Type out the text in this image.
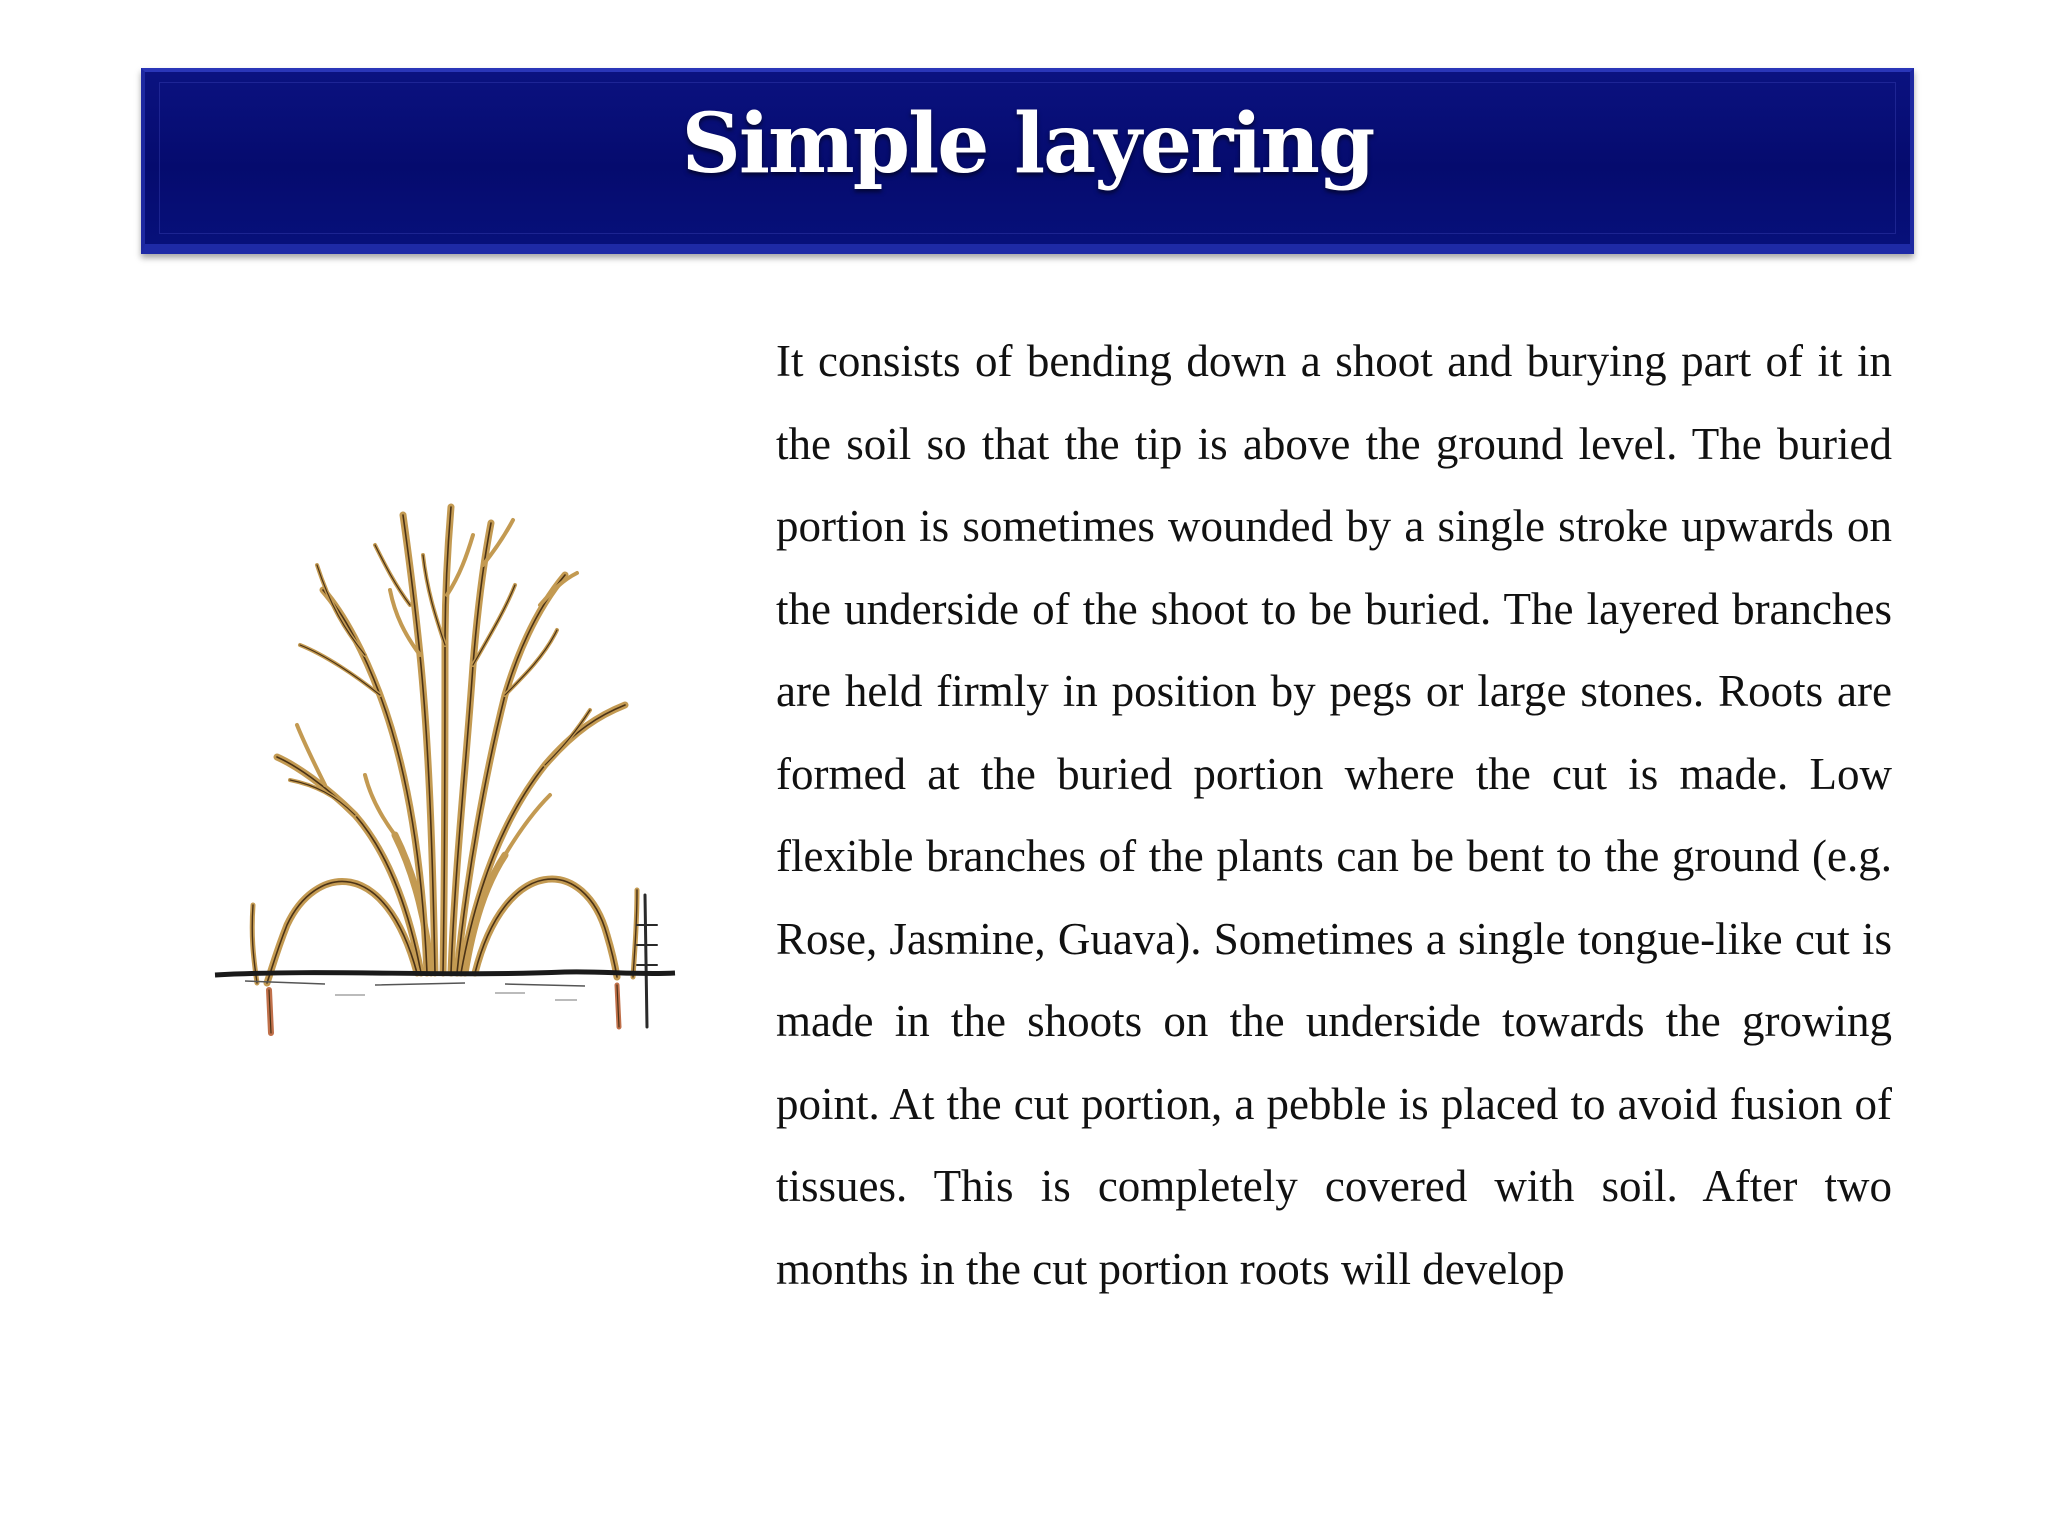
Simple layering

It consists of bending down a shoot and burying part of it in the soil so that the tip is above the ground level. The buried portion is sometimes wounded by a single stroke upwards on the underside of the shoot to be buried. The layered branches are held firmly in position by pegs or large stones. Roots are formed at the buried portion where the cut is made. Low flexible branches of the plants can be bent to the ground (e.g. Rose, Jasmine, Guava). Sometimes a single tongue-like cut is made in the shoots on the underside towards the growing point. At the cut portion, a pebble is placed to avoid fusion of tissues. This is completely covered with soil. After two months in the cut portion roots will develop
